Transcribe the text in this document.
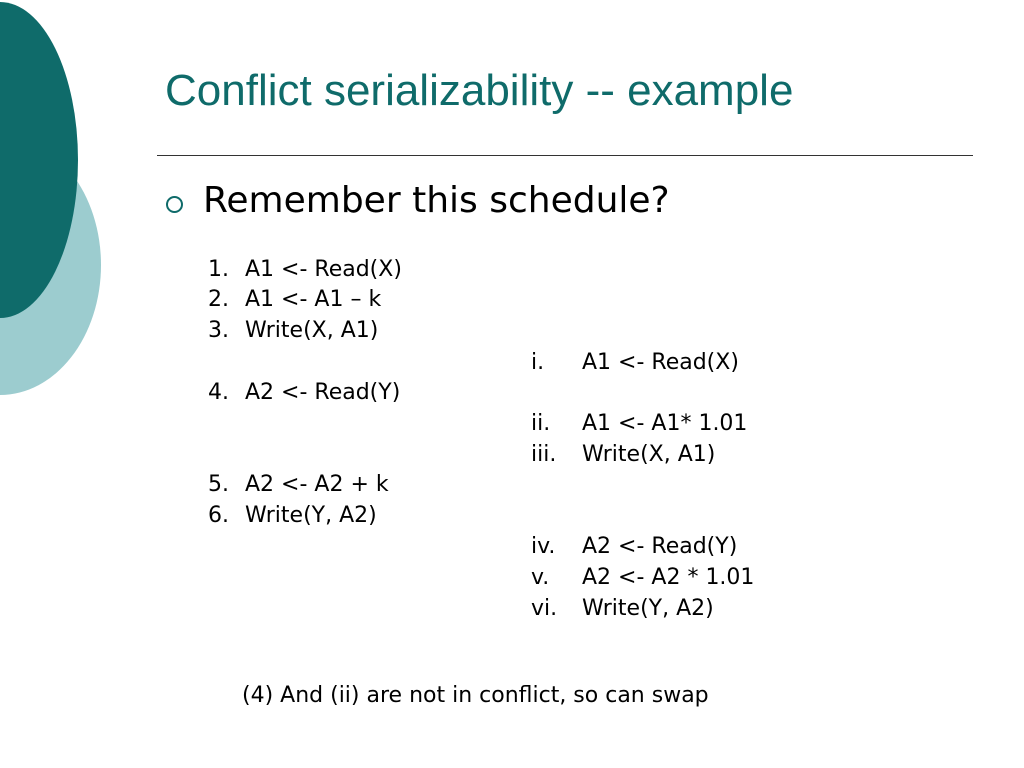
Conflict serializability -- example
Remember this schedule?
1. A1 <- Read(X)
2. A1 <- A1 – k
3. Write(X, A1)
4. A2 <- Read(Y)
5. A2 <- A2 + k
6. Write(Y, A2)
i. A1 <- Read(X)
ii. A1 <- A1* 1.01
iii. Write(X, A1)
iv. A2 <- Read(Y)
v. A2 <- A2 * 1.01
vi. Write(Y, A2)
(4) And (ii) are not in conflict, so can swap
